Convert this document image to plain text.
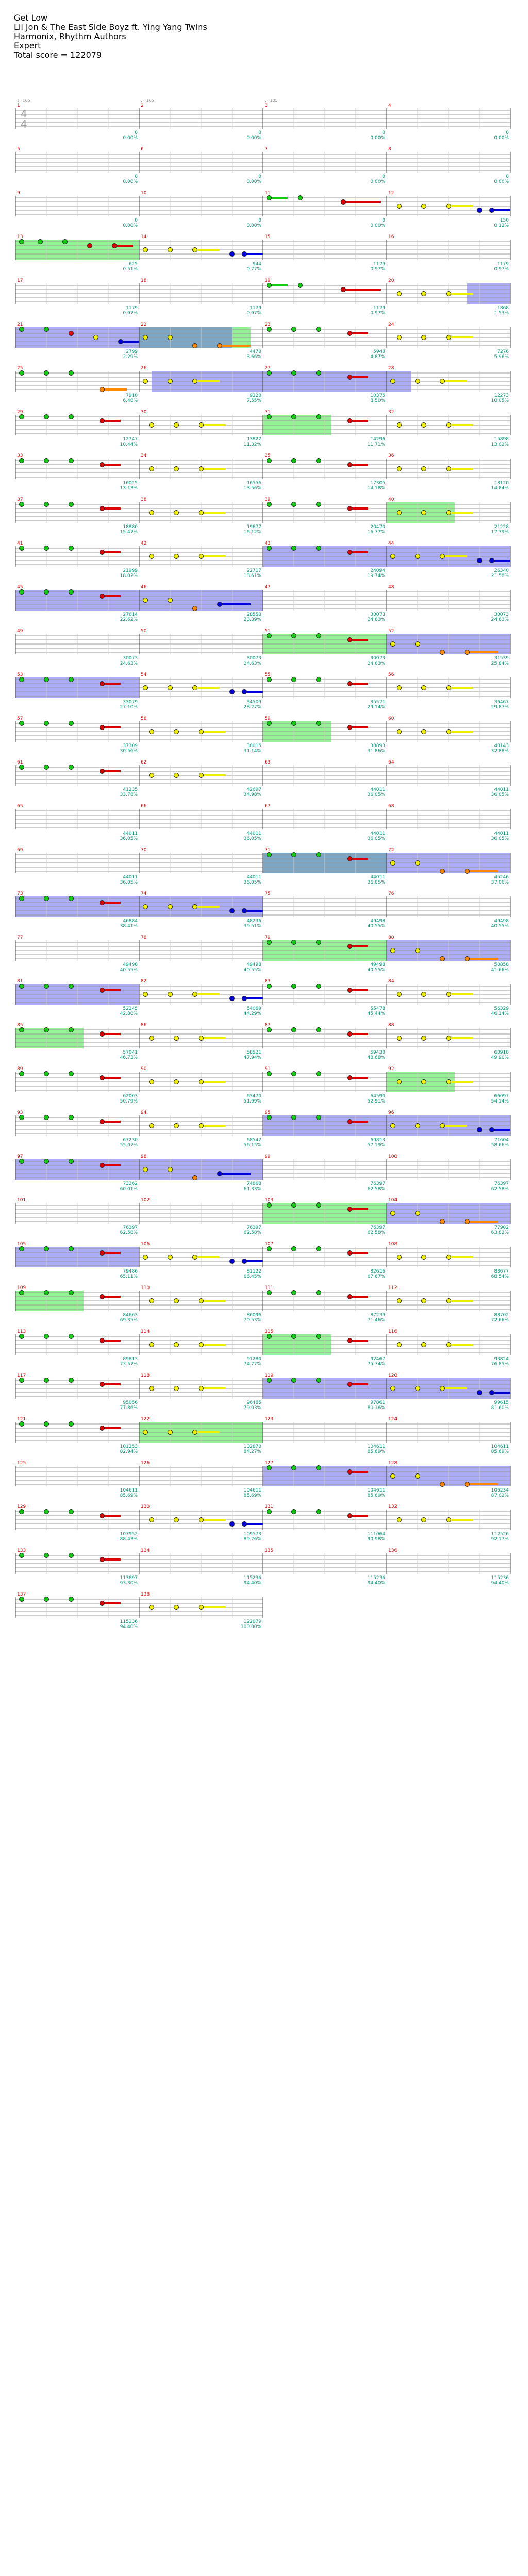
Get Low
Lil Jon & The East Side Boyz ft. Ying Yang Twins
Harmonix, Rhythm Authors
Expert
Total score = 122079
4
4
1
♩=105
0
0.00%
2
♩=105
0
0.00%
3
♩=105
0
0.00%
4
0
0.00%
5
0
0.00%
6
0
0.00%
7
0
0.00%
8
0
0.00%
9
0
0.00%
10
0
0.00%
11
0
0.00%
12
150
0.12%
13
625
0.51%
14
944
0.77%
15
1179
0.97%
16
1179
0.97%
17
1179
0.97%
18
1179
0.97%
19
1179
0.97%
20
1868
1.53%
21
2799
2.29%
22
4470
3.66%
23
5948
4.87%
24
7276
5.96%
25
7910
6.48%
26
9220
7.55%
27
10375
8.50%
28
12273
10.05%
29
12747
10.44%
30
13822
11.32%
31
14296
11.71%
32
15898
13.02%
33
16025
13.13%
34
16556
13.56%
35
17305
14.18%
36
18120
14.84%
37
18880
15.47%
38
19677
16.12%
39
20470
16.77%
40
21228
17.39%
41
21999
18.02%
42
22717
18.61%
43
24094
19.74%
44
26340
21.58%
45
27614
22.62%
46
28550
23.39%
47
30073
24.63%
48
30073
24.63%
49
30073
24.63%
50
30073
24.63%
51
30073
24.63%
52
31539
25.84%
53
33079
27.10%
54
34509
28.27%
55
35571
29.14%
56
36467
29.87%
57
37309
30.56%
58
38015
31.14%
59
38893
31.86%
60
40143
32.88%
61
41235
33.78%
62
42697
34.98%
63
44011
36.05%
64
44011
36.05%
65
44011
36.05%
66
44011
36.05%
67
44011
36.05%
68
44011
36.05%
69
44011
36.05%
70
44011
36.05%
71
44011
36.05%
72
45246
37.06%
73
46884
38.41%
74
48236
39.51%
75
49498
40.55%
76
49498
40.55%
77
49498
40.55%
78
49498
40.55%
79
49498
40.55%
80
50858
41.66%
81
52245
42.80%
82
54069
44.29%
83
55478
45.44%
84
56329
46.14%
85
57041
46.73%
86
58521
47.94%
87
59430
48.68%
88
60918
49.90%
89
62003
50.79%
90
63470
51.99%
91
64590
52.91%
92
66097
54.14%
93
67230
55.07%
94
68542
56.15%
95
69813
57.19%
96
71604
58.66%
97
73262
60.01%
98
74868
61.33%
99
76397
62.58%
100
76397
62.58%
101
76397
62.58%
102
76397
62.58%
103
76397
62.58%
104
77902
63.82%
105
79486
65.11%
106
81122
66.45%
107
82616
67.67%
108
83677
68.54%
109
84663
69.35%
110
86096
70.53%
111
87239
71.46%
112
88702
72.66%
113
89813
73.57%
114
91280
74.77%
115
92467
75.74%
116
93824
76.85%
117
95056
77.86%
118
96485
79.03%
119
97861
80.16%
120
99615
81.60%
121
101253
82.94%
122
102870
84.27%
123
104611
85.69%
124
104611
85.69%
125
104611
85.69%
126
104611
85.69%
127
104611
85.69%
128
106234
87.02%
129
107952
88.43%
130
109573
89.76%
131
111064
90.98%
132
112526
92.17%
133
113897
93.30%
134
115236
94.40%
135
115236
94.40%
136
115236
94.40%
137
115236
94.40%
138
122079
100.00%
